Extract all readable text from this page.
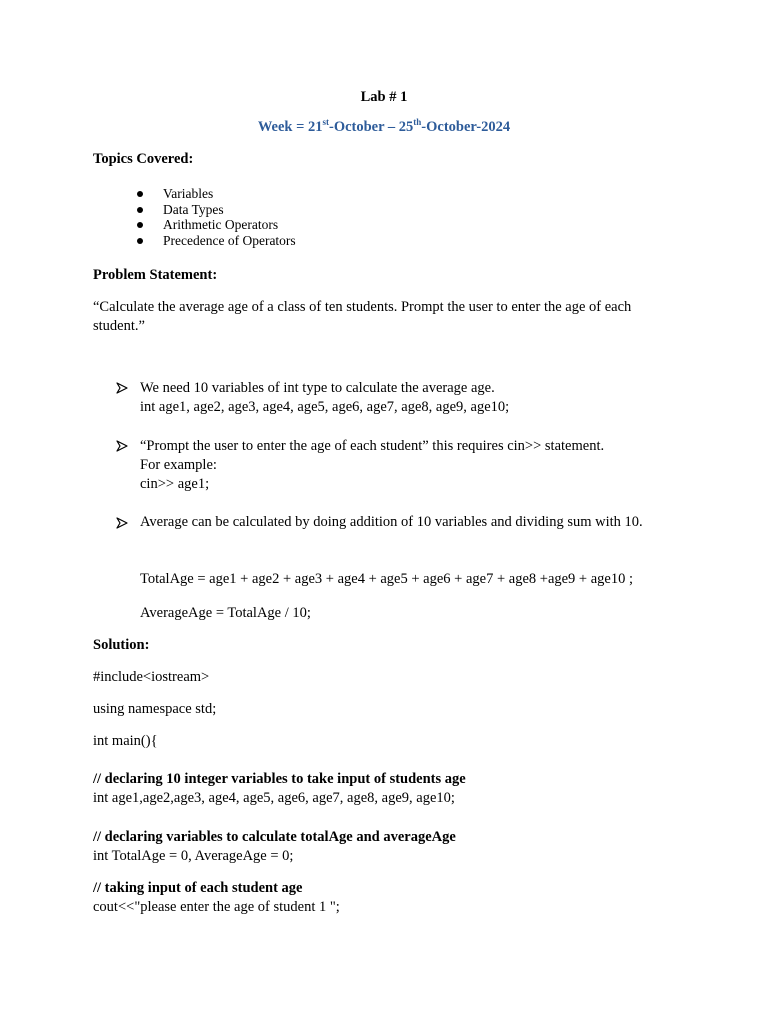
Lab # 1
Week = 21st-October – 25th-October-2024
Topics Covered:
Variables
Data Types
Arithmetic Operators
Precedence of Operators
Problem Statement:
“Calculate the average age of a class of ten students. Prompt the user to enter the age of each
student.”
We need 10 variables of int type to calculate the average age.
int age1, age2, age3, age4, age5, age6, age7, age8, age9, age10;
“Prompt the user to enter the age of each student” this requires cin>> statement.
For example:
cin>> age1;
Average can be calculated by doing addition of 10 variables and dividing sum with 10.
TotalAge = age1 + age2 + age3 + age4 + age5 + age6 + age7 + age8 +age9 + age10 ;
AverageAge = TotalAge / 10;
Solution:
#include<iostream>
using namespace std;
int main(){
// declaring 10 integer variables to take input of students age
int age1,age2,age3, age4, age5, age6, age7, age8, age9, age10;
// declaring variables to calculate totalAge and averageAge
int TotalAge = 0, AverageAge = 0;
// taking input of each student age
cout<<"please enter the age of student 1 ";
